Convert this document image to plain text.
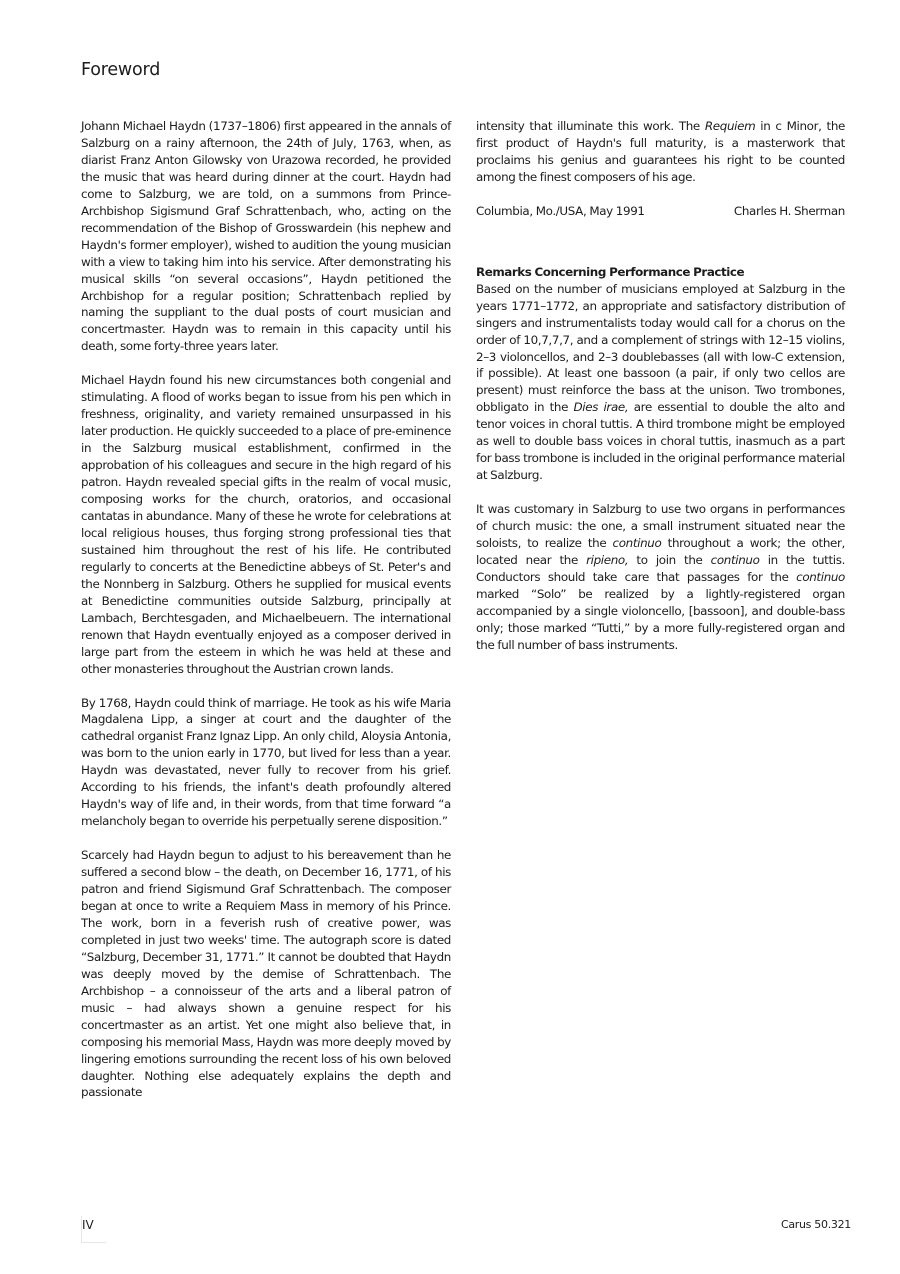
Foreword

Johann Michael Haydn (1737–1806) first appeared in the annals of Salzburg on a rainy afternoon, the 24th of July, 1763, when, as diarist Franz Anton Gilowsky von Urazowa recorded, he provided the music that was heard during dinner at the court. Haydn had come to Salzburg, we are told, on a summons from Prince-Archbishop Sigismund Graf Schrattenbach, who, acting on the recommendation of the Bishop of Grosswardein (his nephew and Haydn's former employer), wished to audition the young musician with a view to taking him into his service. After demonstrating his musical skills “on several occasions”, Haydn petitioned the Archbishop for a regular position; Schrattenbach replied by naming the suppliant to the dual posts of court musician and concertmaster. Haydn was to remain in this capacity until his death, some forty-three years later.

Michael Haydn found his new circumstances both congenial and stimulating. A flood of works began to issue from his pen which in freshness, originality, and variety remained unsurpassed in his later production. He quickly succeeded to a place of pre-eminence in the Salzburg musical establishment, confirmed in the approbation of his colleagues and secure in the high regard of his patron. Haydn revealed special gifts in the realm of vocal music, composing works for the church, oratorios, and occasional cantatas in abundance. Many of these he wrote for celebrations at local religious houses, thus forging strong professional ties that sustained him throughout the rest of his life. He contributed regularly to concerts at the Benedictine abbeys of St. Peter's and the Nonnberg in Salzburg. Others he supplied for musical events at Benedictine communities outside Salzburg, principally at Lambach, Berchtesgaden, and Michaelbeuern. The international renown that Haydn eventually enjoyed as a composer derived in large part from the esteem in which he was held at these and other monasteries throughout the Austrian crown lands.

By 1768, Haydn could think of marriage. He took as his wife Maria Magdalena Lipp, a singer at court and the daughter of the cathedral organist Franz Ignaz Lipp. An only child, Aloysia Antonia, was born to the union early in 1770, but lived for less than a year. Haydn was devastated, never fully to recover from his grief. According to his friends, the infant's death profoundly altered Haydn's way of life and, in their words, from that time forward “a melancholy began to override his perpetually serene disposition.”

Scarcely had Haydn begun to adjust to his bereavement than he suffered a second blow – the death, on December 16, 1771, of his patron and friend Sigismund Graf Schrattenbach. The composer began at once to write a Requiem Mass in memory of his Prince. The work, born in a feverish rush of creative power, was completed in just two weeks' time. The autograph score is dated “Salzburg, December 31, 1771.” It cannot be doubted that Haydn was deeply moved by the demise of Schrattenbach. The Archbishop – a connoisseur of the arts and a liberal patron of music – had always shown a genuine respect for his concertmaster as an artist. Yet one might also believe that, in composing his memorial Mass, Haydn was more deeply moved by lingering emotions surrounding the recent loss of his own beloved daughter. Nothing else adequately explains the depth and passionate

intensity that illuminate this work. The Requiem in c Minor, the first product of Haydn's full maturity, is a masterwork that proclaims his genius and guarantees his right to be counted among the finest composers of his age.

Columbia, Mo./USA, May 1991	Charles H. Sherman
Remarks Concerning Performance Practice

Based on the number of musicians employed at Salzburg in the years 1771–1772, an appropriate and satisfactory distribution of singers and instrumentalists today would call for a chorus on the order of 10,7,7,7, and a complement of strings with 12–15 violins, 2–3 violoncellos, and 2–3 doublebasses (all with low-C extension, if possible). At least one bassoon (a pair, if only two cellos are present) must reinforce the bass at the unison. Two trombones, obbligato in the Dies irae, are essential to double the alto and tenor voices in choral tuttis. A third trombone might be employed as well to double bass voices in choral tuttis, inasmuch as a part for bass trombone is included in the original performance material at Salzburg.

It was customary in Salzburg to use two organs in performances of church music: the one, a small instrument situated near the soloists, to realize the continuo throughout a work; the other, located near the ripieno, to join the continuo in the tuttis. Conductors should take care that passages for the continuo marked “Solo” be realized by a lightly-registered organ accompanied by a single violoncello, [bassoon], and double-bass only; those marked “Tutti,” by a more fully-registered organ and the full number of bass instruments.

IV	Carus 50.321
